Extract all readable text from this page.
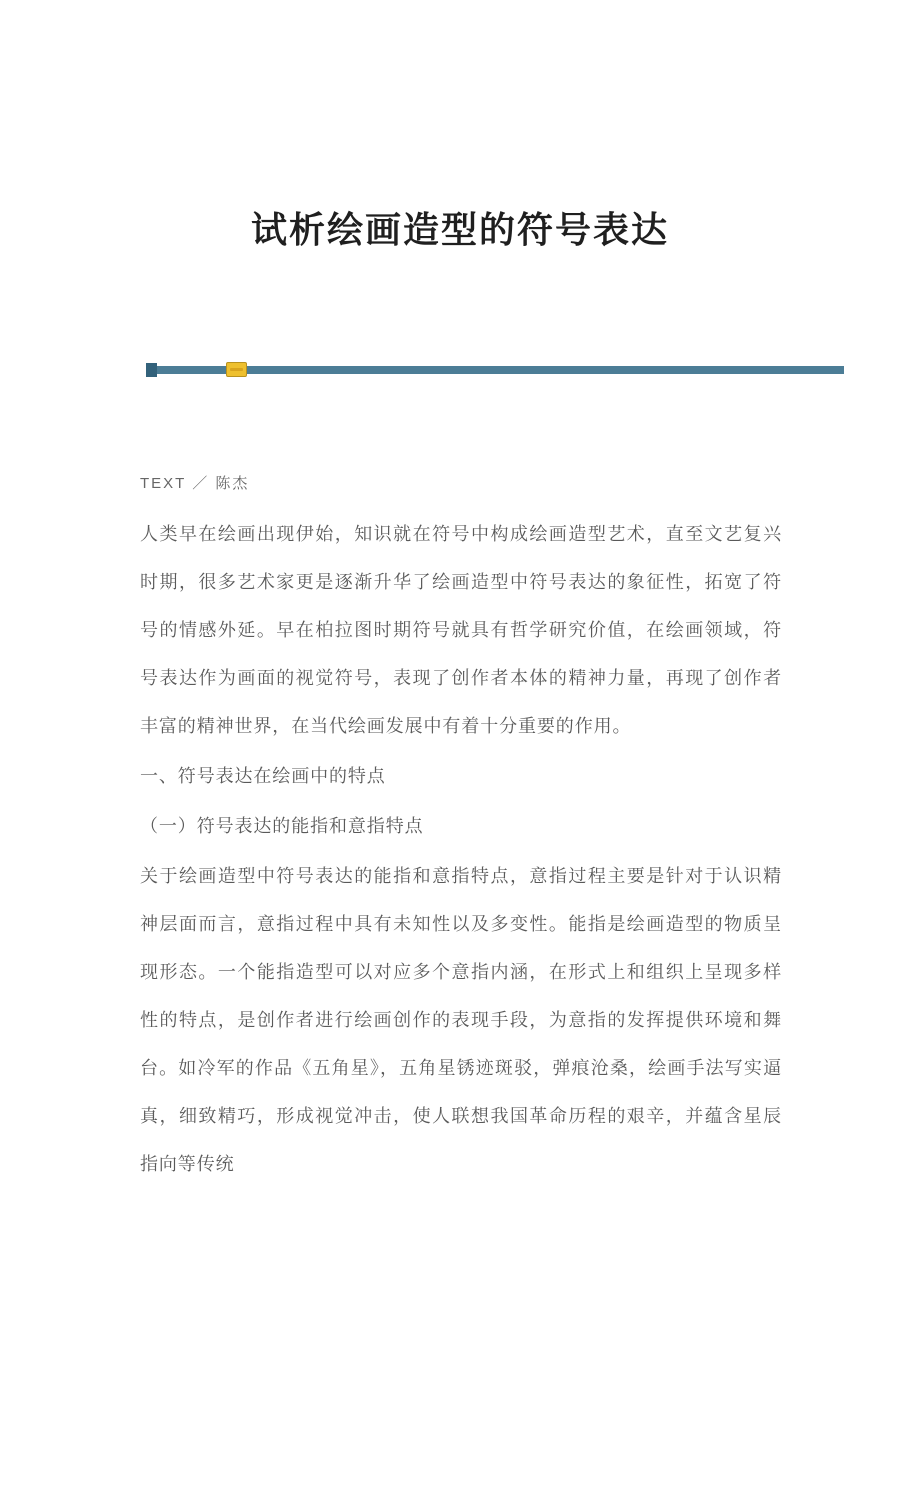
试析绘画造型的符号表达
TEXT ／ 陈杰

人类早在绘画出现伊始，知识就在符号中构成绘画造型艺术，直至文艺复兴时期，很多艺术家更是逐渐升华了绘画造型中符号表达的象征性，拓宽了符号的情感外延。早在柏拉图时期符号就具有哲学研究价值，在绘画领域，符号表达作为画面的视觉符号，表现了创作者本体的精神力量，再现了创作者丰富的精神世界，在当代绘画发展中有着十分重要的作用。

一、符号表达在绘画中的特点

（一）符号表达的能指和意指特点

关于绘画造型中符号表达的能指和意指特点，意指过程主要是针对于认识精神层面而言，意指过程中具有未知性以及多变性。能指是绘画造型的物质呈现形态。一个能指造型可以对应多个意指内涵，在形式上和组织上呈现多样性的特点，是创作者进行绘画创作的表现手段，为意指的发挥提供环境和舞台。如冷军的作品《五角星》，五角星锈迹斑驳，弹痕沧桑，绘画手法写实逼真，细致精巧，形成视觉冲击，使人联想我国革命历程的艰辛，并蕴含星辰指向等传统
